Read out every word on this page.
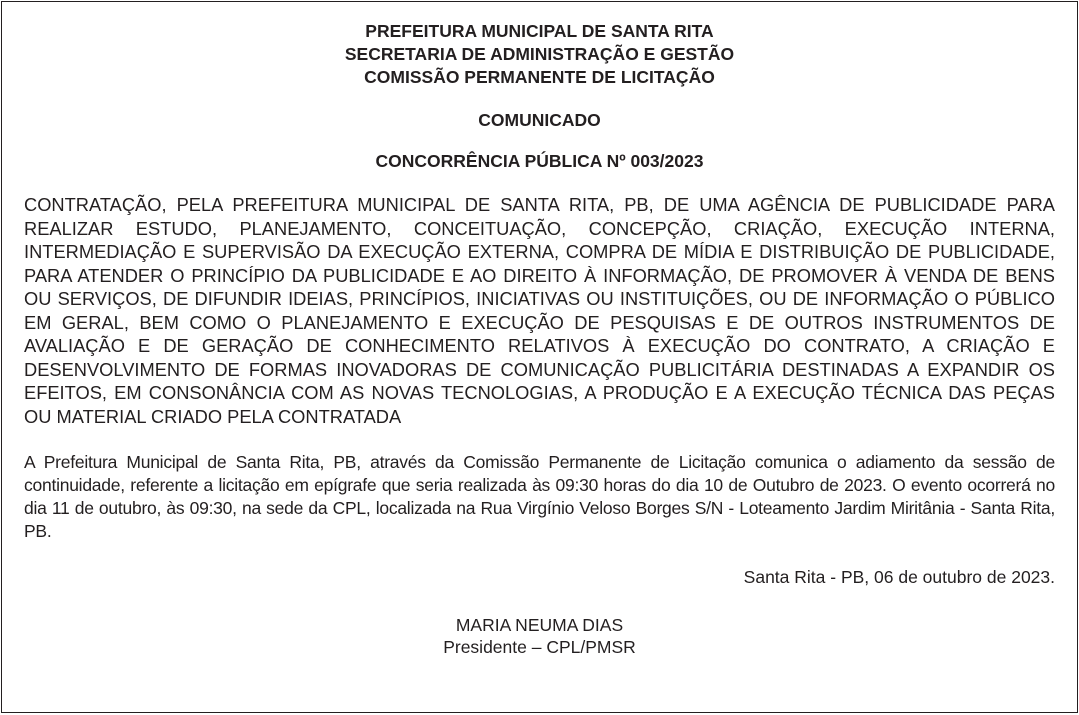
PREFEITURA MUNICIPAL DE SANTA RITA
SECRETARIA DE ADMINISTRAÇÃO E GESTÃO
COMISSÃO PERMANENTE DE LICITAÇÃO
COMUNICADO
CONCORRÊNCIA PÚBLICA Nº 003/2023
CONTRATAÇÃO, PELA PREFEITURA MUNICIPAL DE SANTA RITA, PB, DE UMA AGÊNCIA DE PUBLICIDADE PARA REALIZAR ESTUDO, PLANEJAMENTO, CONCEITUAÇÃO, CONCEPÇÃO, CRIAÇÃO, EXECUÇÃO INTERNA, INTERMEDIAÇÃO E SUPERVISÃO DA EXECUÇÃO EXTERNA, COMPRA DE MÍDIA E DISTRIBUIÇÃO DE PUBLICIDADE, PARA ATENDER O PRINCÍPIO DA PUBLICIDADE E AO DIREITO À INFORMAÇÃO, DE PROMOVER À VENDA DE BENS OU SERVIÇOS, DE DIFUNDIR IDEIAS, PRINCÍPIOS, INICIATIVAS OU INSTITUIÇÕES, OU DE INFORMAÇÃO O PÚBLICO EM GERAL, BEM COMO O PLANEJAMENTO E EXECUÇÃO DE PESQUISAS E DE OUTROS INSTRUMENTOS DE AVALIAÇÃO E DE GERAÇÃO DE CONHECIMENTO RELATIVOS À EXECUÇÃO DO CONTRATO, A CRIAÇÃO E DESENVOLVIMENTO DE FORMAS INOVADORAS DE COMUNICAÇÃO PUBLICITÁRIA DESTINADAS A EXPANDIR OS EFEITOS, EM CONSONÂNCIA COM AS NOVAS TECNOLOGIAS, A PRODUÇÃO E A EXECUÇÃO TÉCNICA DAS PEÇAS OU MATERIAL CRIADO PELA CONTRATADA
A Prefeitura Municipal de Santa Rita, PB, através da Comissão Permanente de Licitação comunica o adiamento da sessão de continuidade, referente a licitação em epígrafe que seria realizada às 09:30 horas do dia 10 de Outubro de 2023. O evento ocorrerá no dia 11 de outubro, às 09:30, na sede da CPL, localizada na Rua Virgínio Veloso Borges S/N - Loteamento Jardim Miritânia - Santa Rita, PB.
Santa Rita - PB, 06 de outubro de 2023.
MARIA NEUMA DIAS
Presidente – CPL/PMSR
